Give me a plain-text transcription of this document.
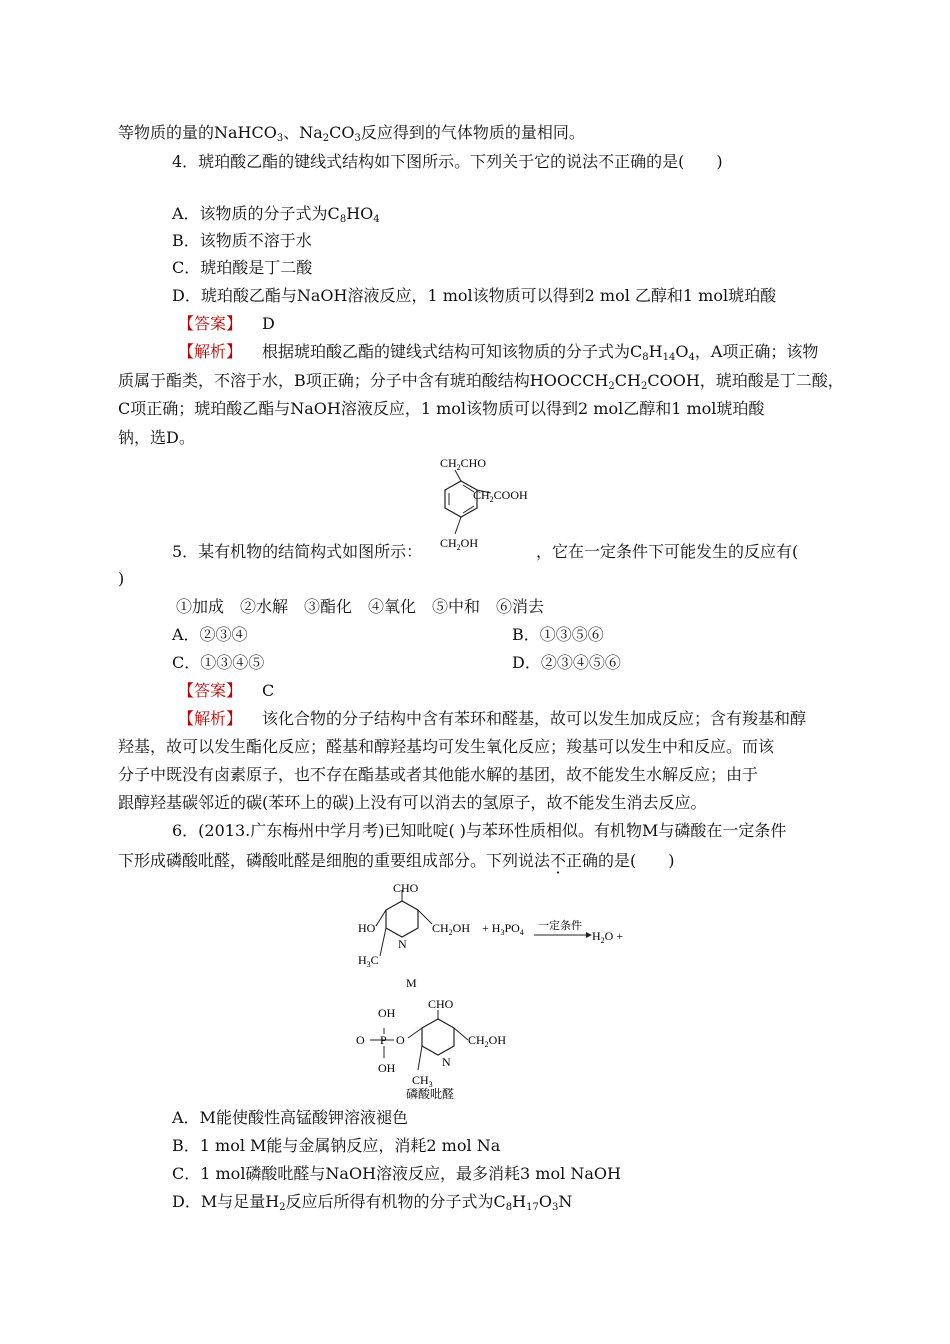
等物质的量的NaHCO$_3$、$Na_2CO_3$反应得到的气体物质的量相同。
4．琥珀酸乙酯的键线式结构如下图所示。下列关于它的说法不正确的是(　　)
A．该物质的分子式为$C_8HO_4$
B．该物质不溶于水
C．琥珀酸是丁二酸
D．琥珀酸乙酯与NaOH溶液反应，1 mol该物质可以得到2 mol 乙醇和1 mol琥珀酸
【答案】 D
【解析】 根据琥珀酸乙酯的键线式结构可知该物质的分子式为$C_8H_{14}O_4$，A项正确；该物
质属于酯类，不溶于水，B项正确；分子中含有琥珀酸结构$HOOCCH_2CH_2COOH$，琥珀酸是丁二酸，
C项正确；琥珀酸乙酯与NaOH溶液反应，1 mol该物质可以得到2 mol乙醇和1 mol琥珀酸
钠，选D。
$CH_2CHO$
$CH_2COOH$
$CH_2OH$
5．某有机物的结简构式如图所示：	，它在一定条件下可能发生的反应有(
)
①加成　②水解　③酯化　④氧化　⑤中和　⑥消去
A．②③④	B．①③⑤⑥
C．①③④⑤	D．②③④⑤⑥
【答案】 C
【解析】 该化合物的分子结构中含有苯环和醛基，故可以发生加成反应；含有羧基和醇
羟基，故可以发生酯化反应；醛基和醇羟基均可发生氧化反应；羧基可以发生中和反应。而该
分子中既没有卤素原子，也不存在酯基或者其他能水解的基团，故不能发生水解反应；由于
跟醇羟基碳邻近的碳(苯环上的碳)上没有可以消去的氢原子，故不能发生消去反应。
6．(2013.广东梅州中学月考)已知吡啶( )与苯环性质相似。有机物M与磷酸在一定条件
下形成磷酸吡醛，磷酸吡醛是细胞的重要组成部分。下列说法不正确的是(　　)
CHO
HO	$CH_2OH + H_3PO_4$
一定条件
$H_2O$ +
$H_3C$
N
M
OH
P
O	O
OH
CHO
$CH_2OH$
$CH_3$
N
磷酸吡醛
A．M能使酸性高锰酸钾溶液褪色
B．1 mol M能与金属钠反应，消耗2 mol Na
C．1 mol磷酸吡醛与NaOH溶液反应，最多消耗3 mol NaOH
D．M与足量$H_2$反应后所得有机物的分子式为$C_8H_{17}O_3N$
